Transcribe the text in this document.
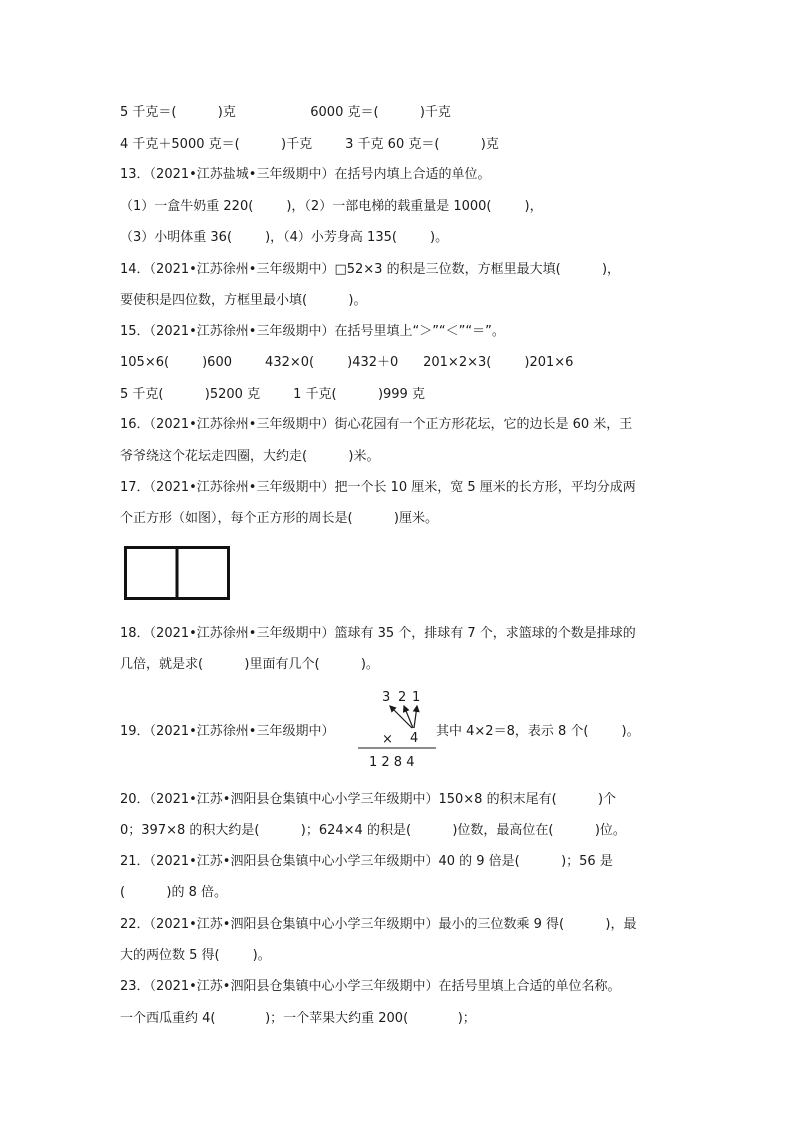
5 千克＝(          )克                  6000 克＝(          )千克
4 千克＋5000 克＝(          )千克        3 千克 60 克＝(          )克
13．（2021•江苏盐城•三年级期中）在括号内填上合适的单位。
（1）一盒牛奶重 220(        )，（2）一部电梯的载重量是 1000(        )，
（3）小明体重 36(        )，（4）小芳身高 135(        )。
14．（2021•江苏徐州•三年级期中）□52×3 的积是三位数，方框里最大填(          )，
要使积是四位数，方框里最小填(          )。
15．（2021•江苏徐州•三年级期中）在括号里填上“＞”“＜”“＝”。
105×6(        )600        432×0(        )432＋0      201×2×3(        )201×6
5 千克(          )5200 克        1 千克(          )999 克
16．（2021•江苏徐州•三年级期中）街心花园有一个正方形花坛，它的边长是 60 米，王
爷爷绕这个花坛走四圈，大约走(          )米。
17．（2021•江苏徐州•三年级期中）把一个长 10 厘米，宽 5 厘米的长方形，平均分成两
个正方形（如图），每个正方形的周长是(          )厘米。
18．（2021•江苏徐州•三年级期中）篮球有 35 个，排球有 7 个，求篮球的个数是排球的
几倍，就是求(          )里面有几个(          )。
19．（2021•江苏徐州•三年级期中）
3 2 1
× 4
1 2 8 4
其中 4×2＝8，表示 8 个(        )。
20．（2021•江苏•泗阳县仓集镇中心小学三年级期中）150×8 的积末尾有(          )个
0；397×8 的积大约是(          )；624×4 的积是(          )位数，最高位在(          )位。
21．（2021•江苏•泗阳县仓集镇中心小学三年级期中）40 的 9 倍是(          )；56 是
(          )的 8 倍。
22．（2021•江苏•泗阳县仓集镇中心小学三年级期中）最小的三位数乘 9 得(          )，最
大的两位数 5 得(        )。
23．（2021•江苏•泗阳县仓集镇中心小学三年级期中）在括号里填上合适的单位名称。
一个西瓜重约 4(            )；一个苹果大约重 200(            )；
